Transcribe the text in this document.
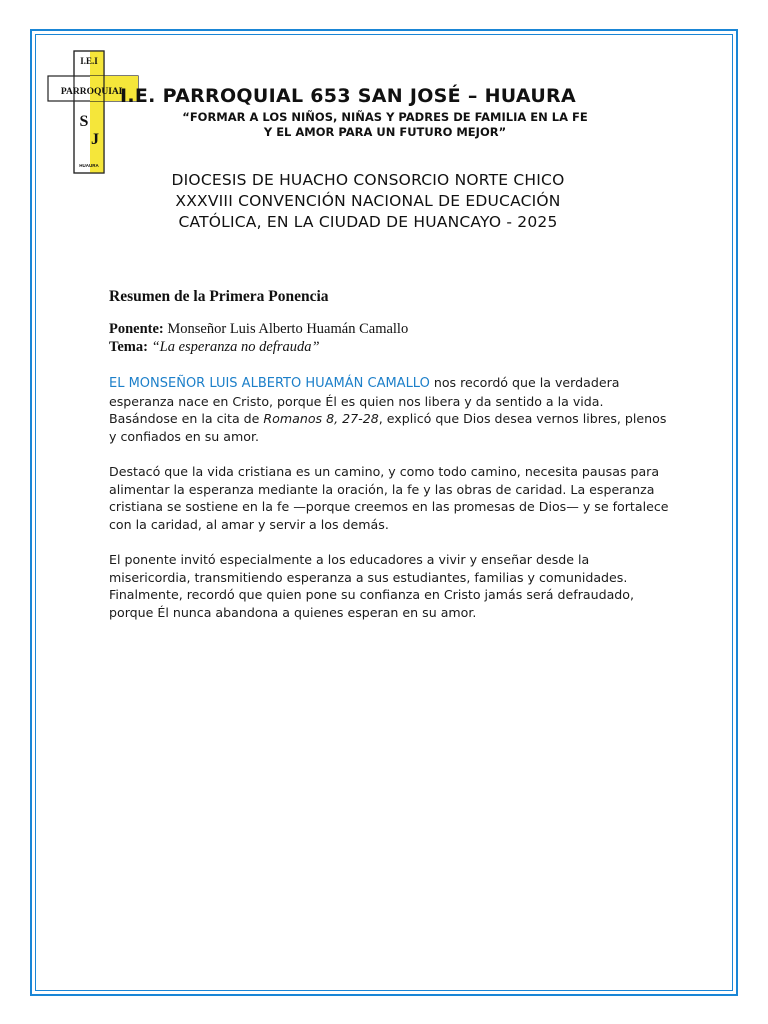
I.E.I
PARROQUIAL
S
J
HUAURA
I.E. PARROQUIAL 653 SAN JOSÉ – HUAURA
“FORMAR A LOS NIÑOS, NIÑAS Y PADRES DE FAMILIA EN LA FE
Y EL AMOR PARA UN FUTURO MEJOR”
DIOCESIS DE HUACHO CONSORCIO NORTE CHICO
XXXVIII CONVENCIÓN NACIONAL DE EDUCACIÓN
CATÓLICA, EN LA CIUDAD DE HUANCAYO - 2025
Resumen de la Primera Ponencia
Ponente: Monseñor Luis Alberto Huamán Camallo
Tema: “La esperanza no defrauda”

EL MONSEÑOR LUIS ALBERTO HUAMÁN CAMALLO nos recordó que la verdadera esperanza nace en Cristo, porque Él es quien nos libera y da sentido a la vida. Basándose en la cita de Romanos 8, 27-28, explicó que Dios desea vernos libres, plenos y confiados en su amor.

Destacó que la vida cristiana es un camino, y como todo camino, necesita pausas para alimentar la esperanza mediante la oración, la fe y las obras de caridad. La esperanza cristiana se sostiene en la fe —porque creemos en las promesas de Dios— y se fortalece con la caridad, al amar y servir a los demás.

El ponente invitó especialmente a los educadores a vivir y enseñar desde la misericordia, transmitiendo esperanza a sus estudiantes, familias y comunidades. Finalmente, recordó que quien pone su confianza en Cristo jamás será defraudado, porque Él nunca abandona a quienes esperan en su amor.
